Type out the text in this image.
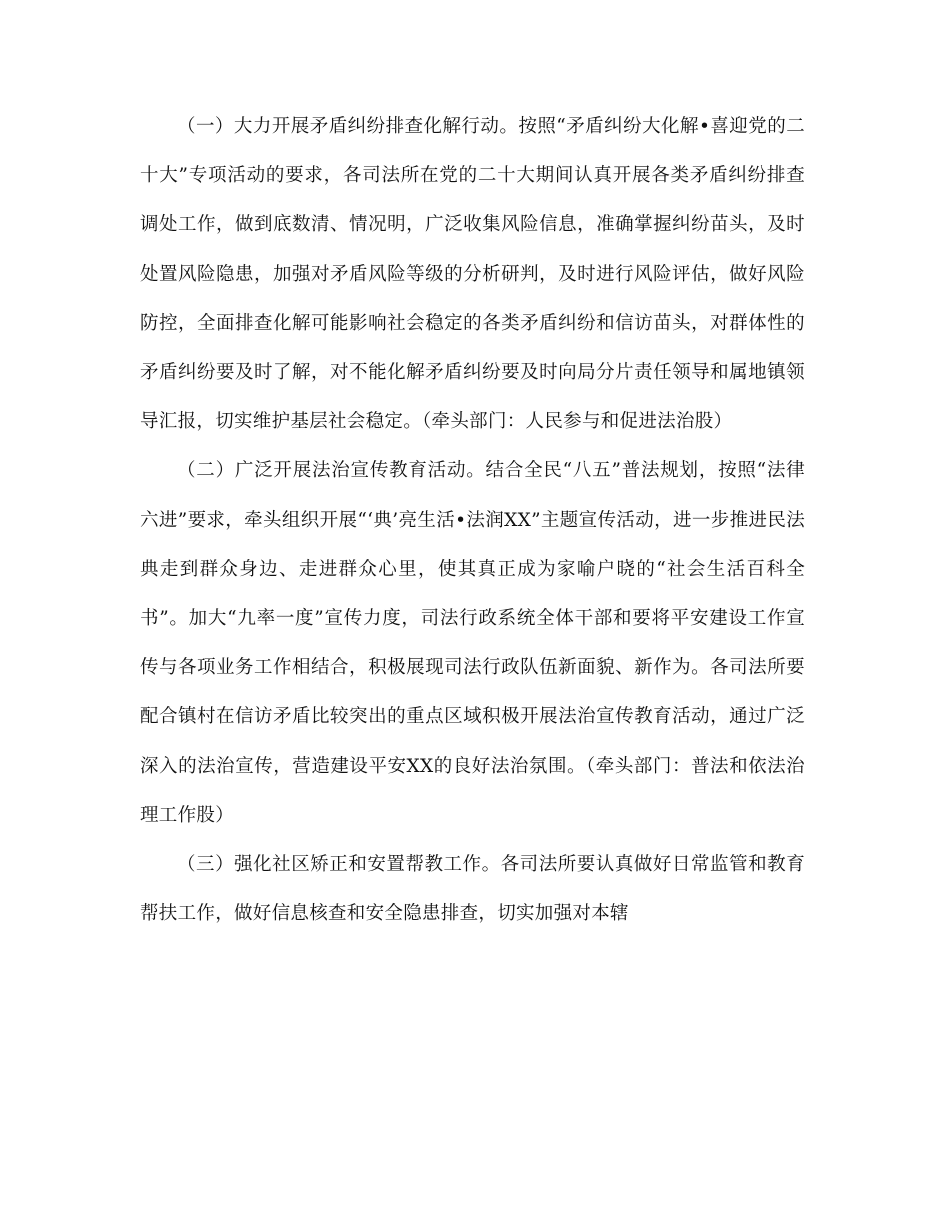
（一）大力开展矛盾纠纷排查化解行动。按照“矛盾纠纷大化解•喜迎党的二十大”专项活动的要求，各司法所在党的二十大期间认真开展各类矛盾纠纷排查调处工作，做到底数清、情况明，广泛收集风险信息，准确掌握纠纷苗头，及时处置风险隐患，加强对矛盾风险等级的分析研判，及时进行风险评估，做好风险防控，全面排查化解可能影响社会稳定的各类矛盾纠纷和信访苗头，对群体性的矛盾纠纷要及时了解，对不能化解矛盾纠纷要及时向局分片责任领导和属地镇领导汇报，切实维护基层社会稳定。（牵头部门：人民参与和促进法治股）

（二）广泛开展法治宣传教育活动。结合全民“八五”普法规划，按照“法律六进”要求，牵头组织开展“‘典’亮生活•法润XX”主题宣传活动，进一步推进民法典走到群众身边、走进群众心里，使其真正成为家喻户晓的“社会生活百科全书”。加大“九率一度”宣传力度，司法行政系统全体干部和要将平安建设工作宣传与各项业务工作相结合，积极展现司法行政队伍新面貌、新作为。各司法所要配合镇村在信访矛盾比较突出的重点区域积极开展法治宣传教育活动，通过广泛深入的法治宣传，营造建设平安XX的良好法治氛围。（牵头部门：普法和依法治理工作股）

（三）强化社区矫正和安置帮教工作。各司法所要认真做好日常监管和教育帮扶工作，做好信息核查和安全隐患排查，切实加强对本辖
